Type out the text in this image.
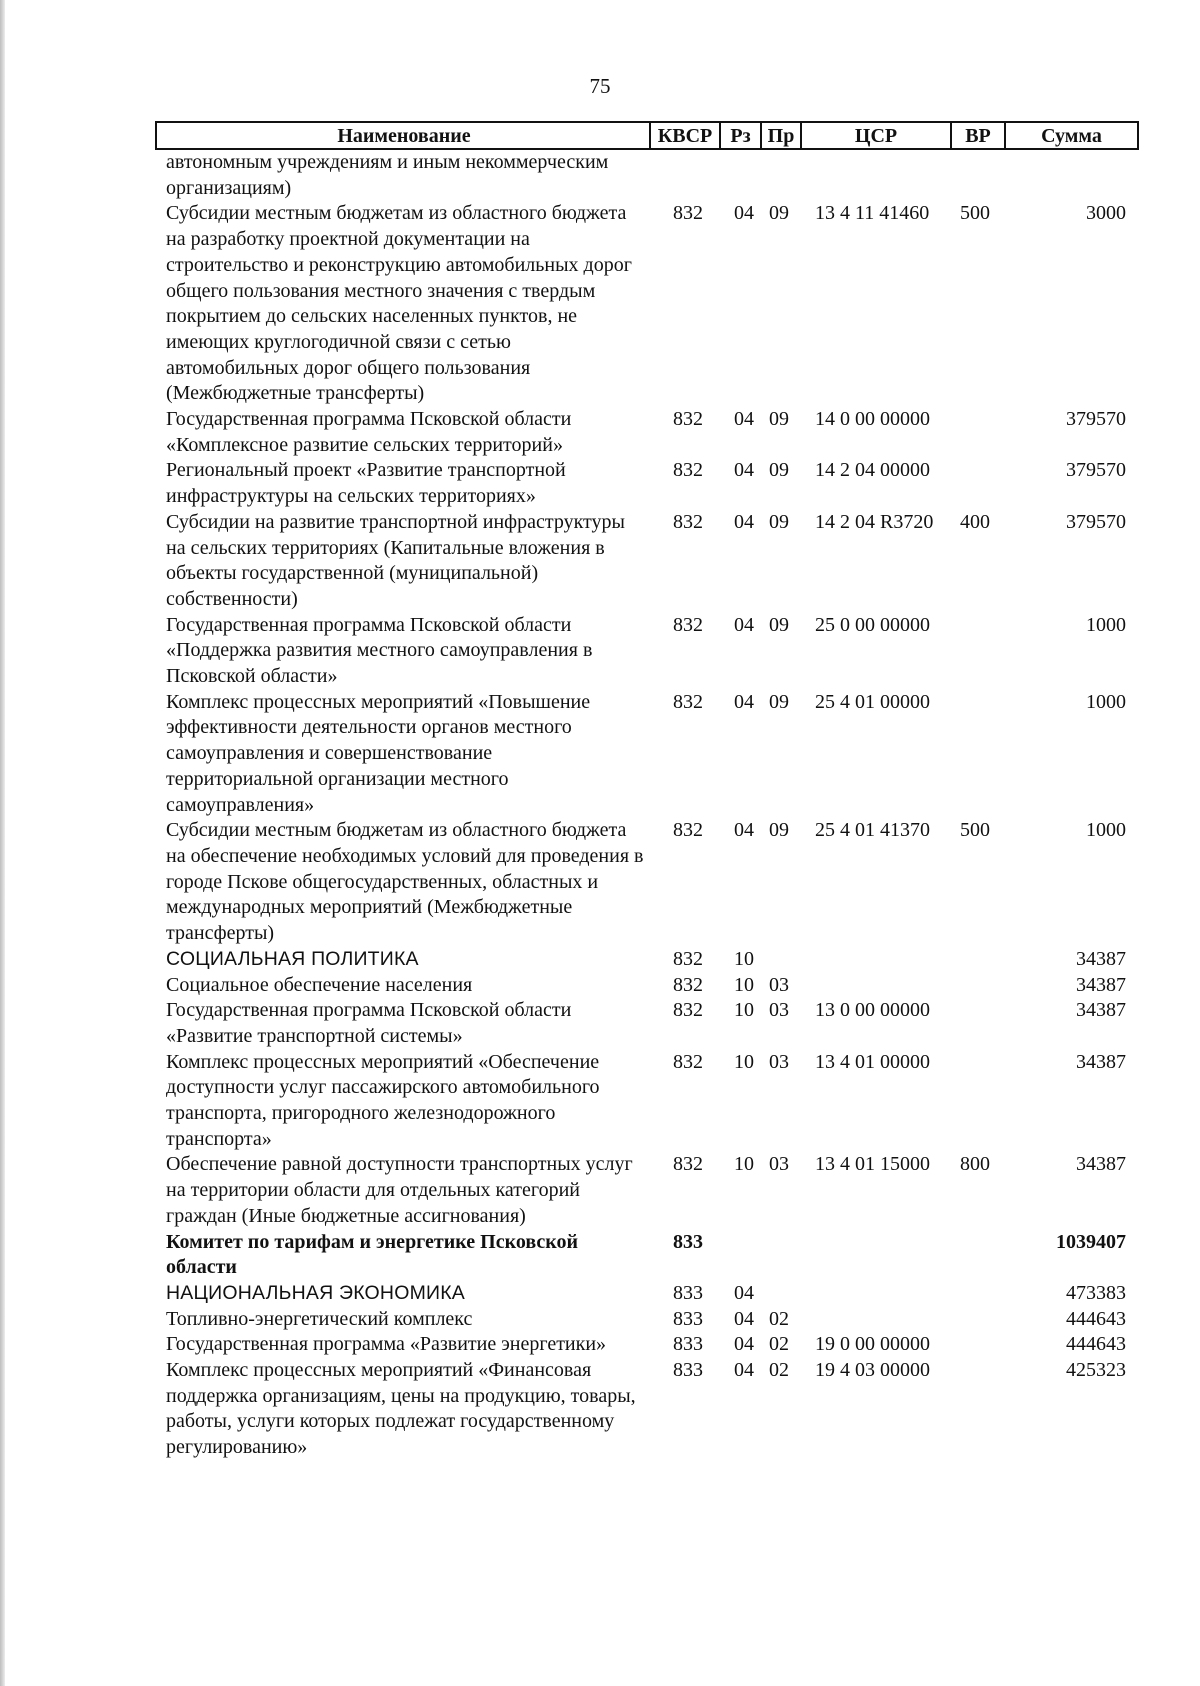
75
Наименование	КВСР	Рз	Пр	ЦСР	ВР	Сумма
автономным учреждениям и иным некоммерческим организациям)						
Субсидии местным бюджетам из областного бюджета на разработку проектной документации на строительство и реконструкцию автомобильных дорог общего пользования местного значения с твердым покрытием до сельских населенных пунктов, не имеющих круглогодичной связи с сетью автомобильных дорог общего пользования (Межбюджетные трансферты)	832	04	09	13 4 11 41460	500	3000
Государственная программа Псковской области «Комплексное развитие сельских территорий»	832	04	09	14 0 00 00000		379570
Региональный проект «Развитие транспортной инфраструктуры на сельских территориях»	832	04	09	14 2 04 00000		379570
Субсидии на развитие транспортной инфраструктуры на сельских территориях (Капитальные вложения в объекты государственной (муниципальной) собственности)	832	04	09	14 2 04 R3720	400	379570
Государственная программа Псковской области «Поддержка развития местного самоуправления в Псковской области»	832	04	09	25 0 00 00000		1000
Комплекс процессных мероприятий «Повышение эффективности деятельности органов местного самоуправления и совершенствование территориальной организации местного самоуправления»	832	04	09	25 4 01 00000		1000
Субсидии местным бюджетам из областного бюджета на обеспечение необходимых условий для проведения в городе Пскове общегосударственных, областных и международных мероприятий (Межбюджетные трансферты)	832	04	09	25 4 01 41370	500	1000
СОЦИАЛЬНАЯ ПОЛИТИКА	832	10				34387
Социальное обеспечение населения	832	10	03			34387
Государственная программа Псковской области «Развитие транспортной системы»	832	10	03	13 0 00 00000		34387
Комплекс процессных мероприятий «Обеспечение доступности услуг пассажирского автомобильного транспорта, пригородного железнодорожного транспорта»	832	10	03	13 4 01 00000		34387
Обеспечение равной доступности транспортных услуг на территории области для отдельных категорий граждан (Иные бюджетные ассигнования)	832	10	03	13 4 01 15000	800	34387
Комитет по тарифам и энергетике Псковской области	833					1039407
НАЦИОНАЛЬНАЯ ЭКОНОМИКА	833	04				473383
Топливно-энергетический комплекс	833	04	02			444643
Государственная программа «Развитие энергетики»	833	04	02	19 0 00 00000		444643
Комплекс процессных мероприятий «Финансовая поддержка организациям, цены на продукцию, товары, работы, услуги которых подлежат государственному регулированию»	833	04	02	19 4 03 00000		425323
